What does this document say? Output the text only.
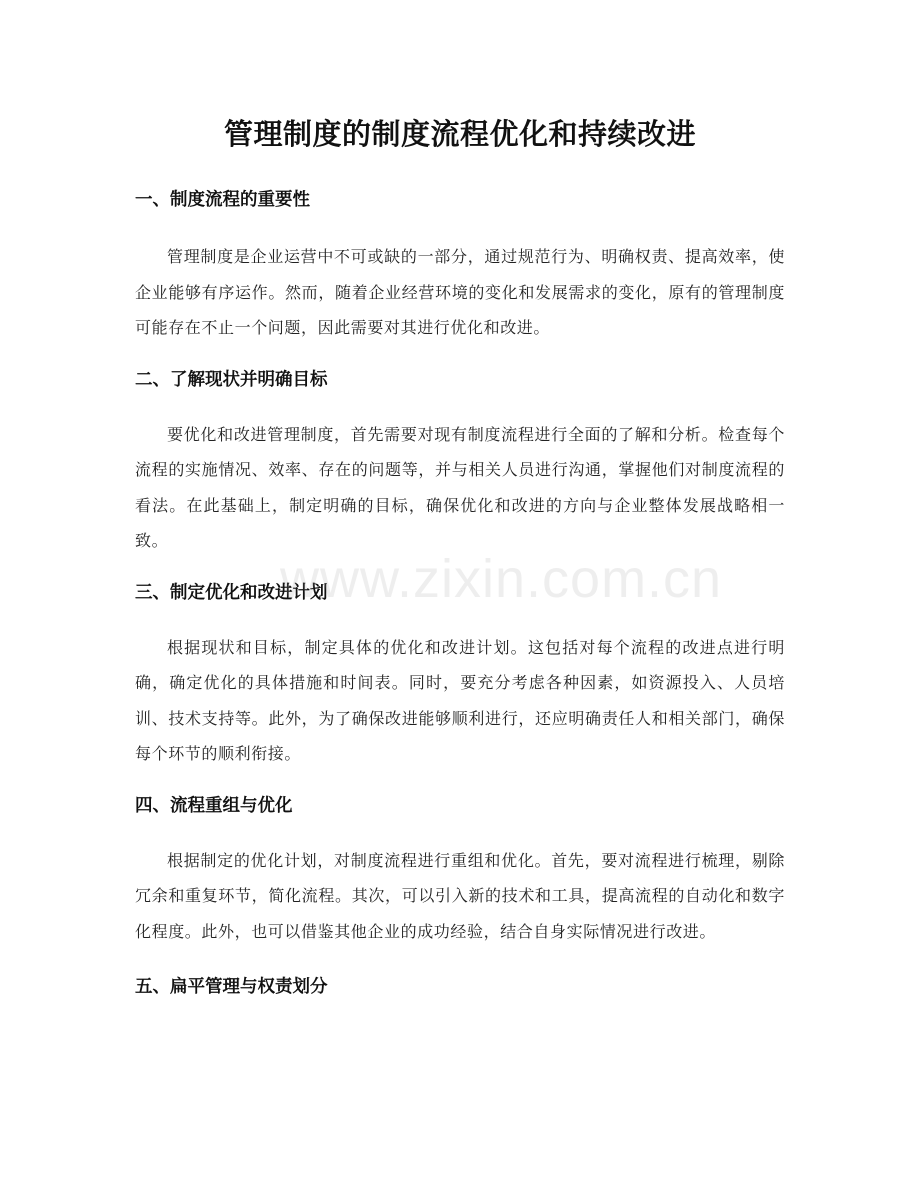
管理制度的制度流程优化和持续改进
一、制度流程的重要性

管理制度是企业运营中不可或缺的一部分，通过规范行为、明确权责、提高效率，使企业能够有序运作。然而，随着企业经营环境的变化和发展需求的变化，原有的管理制度可能存在不止一个问题，因此需要对其进行优化和改进。

二、了解现状并明确目标

要优化和改进管理制度，首先需要对现有制度流程进行全面的了解和分析。检查每个流程的实施情况、效率、存在的问题等，并与相关人员进行沟通，掌握他们对制度流程的看法。在此基础上，制定明确的目标，确保优化和改进的方向与企业整体发展战略相一致。

三、制定优化和改进计划

根据现状和目标，制定具体的优化和改进计划。这包括对每个流程的改进点进行明确，确定优化的具体措施和时间表。同时，要充分考虑各种因素，如资源投入、人员培训、技术支持等。此外，为了确保改进能够顺利进行，还应明确责任人和相关部门，确保每个环节的顺利衔接。

四、流程重组与优化

根据制定的优化计划，对制度流程进行重组和优化。首先，要对流程进行梳理，剔除冗余和重复环节，简化流程。其次，可以引入新的技术和工具，提高流程的自动化和数字化程度。此外，也可以借鉴其他企业的成功经验，结合自身实际情况进行改进。

五、扁平管理与权责划分
www.zixin.com.cn
